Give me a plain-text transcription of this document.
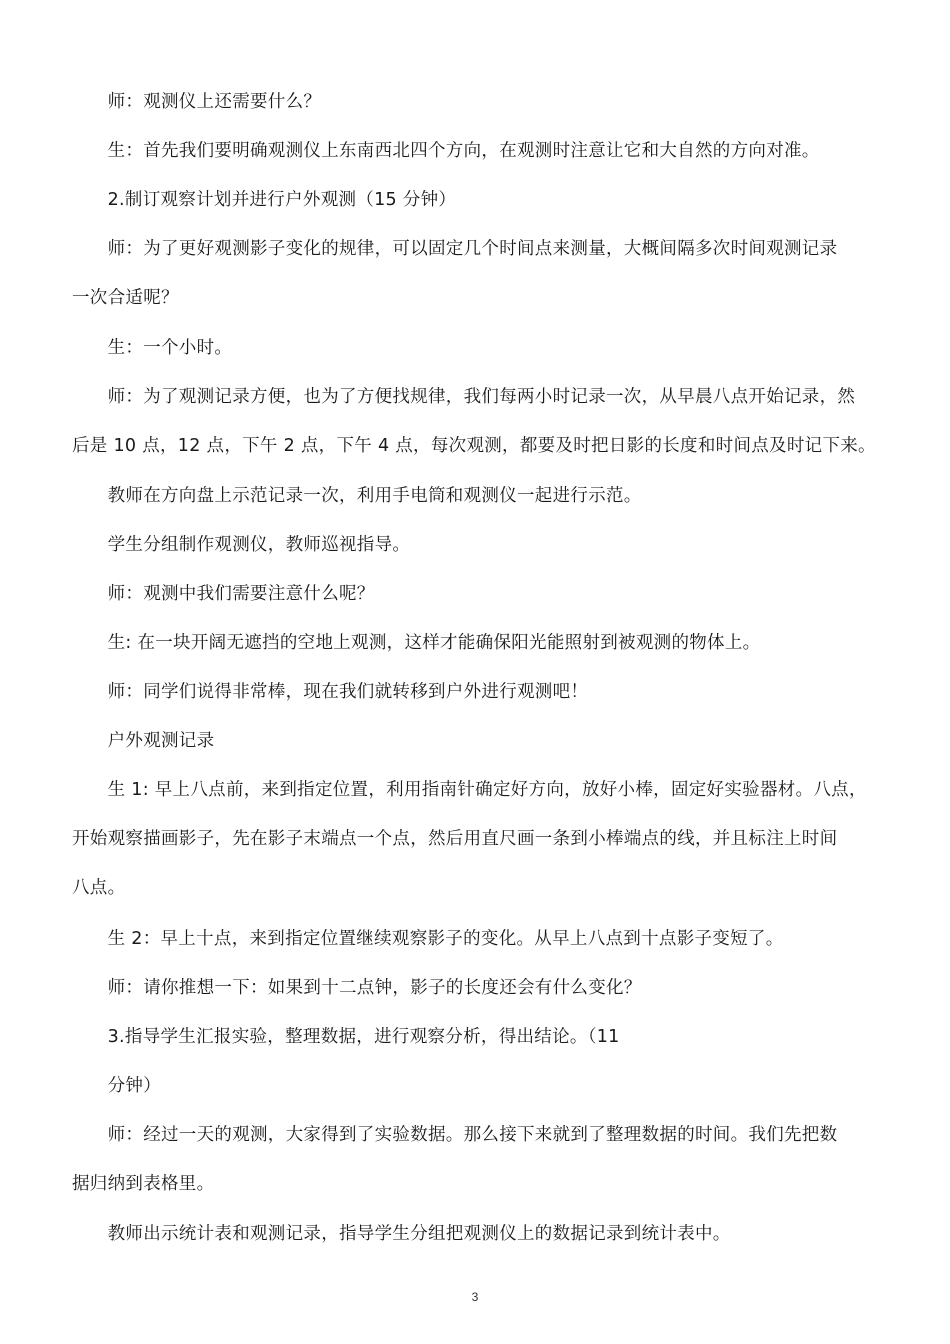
　　师：观测仪上还需要什么？
　　生：首先我们要明确观测仪上东南西北四个方向，在观测时注意让它和大自然的方向对准。
　　2.制订观察计划并进行户外观测（15 分钟）
　　师：为了更好观测影子变化的规律，可以固定几个时间点来测量，大概间隔多次时间观测记录
一次合适呢？
　　生：一个小时。
　　师：为了观测记录方便，也为了方便找规律，我们每两小时记录一次，从早晨八点开始记录，然
后是 10 点，12 点，下午 2 点，下午 4 点，每次观测，都要及时把日影的长度和时间点及时记下来。
　　教师在方向盘上示范记录一次，利用手电筒和观测仪一起进行示范。
　　学生分组制作观测仪，教师巡视指导。
　　师：观测中我们需要注意什么呢？
　　生: 在一块开阔无遮挡的空地上观测，这样才能确保阳光能照射到被观测的物体上。
　　师：同学们说得非常棒，现在我们就转移到户外进行观测吧！
　　户外观测记录
　　生 1: 早上八点前，来到指定位置，利用指南针确定好方向，放好小棒，固定好实验器材。八点，
开始观察描画影子，先在影子末端点一个点，然后用直尺画一条到小棒端点的线，并且标注上时间
八点。
　　生 2：早上十点，来到指定位置继续观察影子的变化。从早上八点到十点影子变短了。
　　师：请你推想一下：如果到十二点钟，影子的长度还会有什么变化？
　　3.指导学生汇报实验，整理数据，进行观察分析，得出结论。（11
　　分钟）
　　师：经过一天的观测，大家得到了实验数据。那么接下来就到了整理数据的时间。我们先把数
据归纳到表格里。
　　教师出示统计表和观测记录，指导学生分组把观测仪上的数据记录到统计表中。
3
